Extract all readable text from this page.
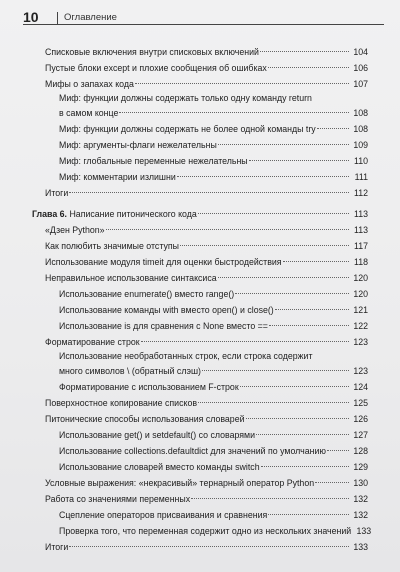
10	Оглавление
Списковые включения внутри списковых включений	104
Пустые блоки except и плохие сообщения об ошибках	106
Мифы о запахах кода	107
Миф: функции должны содержать только одну команду return
в самом конце	108
Миф: функции должны содержать не более одной команды try	108
Миф: аргументы-флаги нежелательны	109
Миф: глобальные переменные нежелательны	110
Миф: комментарии излишни	111
Итоги	112
Глава 6. Написание питонического кода	113
«Дзен Python»	113
Как полюбить значимые отступы	117
Использование модуля timeit для оценки быстродействия	118
Неправильное использование синтаксиса	120
Использование enumerate() вместо range()	120
Использование команды with вместо open() и close()	121
Использование is для сравнения с None вместо ==	122
Форматирование строк	123
Использование необработанных строк, если строка содержит
много символов \ (обратный слэш)	123
Форматирование с использованием F-строк	124
Поверхностное копирование списков	125
Питонические способы использования словарей	126
Использование get() и setdefault() со словарями	127
Использование collections.defaultdict для значений по умолчанию	128
Использование словарей вместо команды switch	129
Условные выражения: «некрасивый» тернарный оператор Python	130
Работа со значениями переменных	132
Сцепление операторов присваивания и сравнения	132
Проверка того, что переменная содержит одно из нескольких значений 133
Итоги	133
